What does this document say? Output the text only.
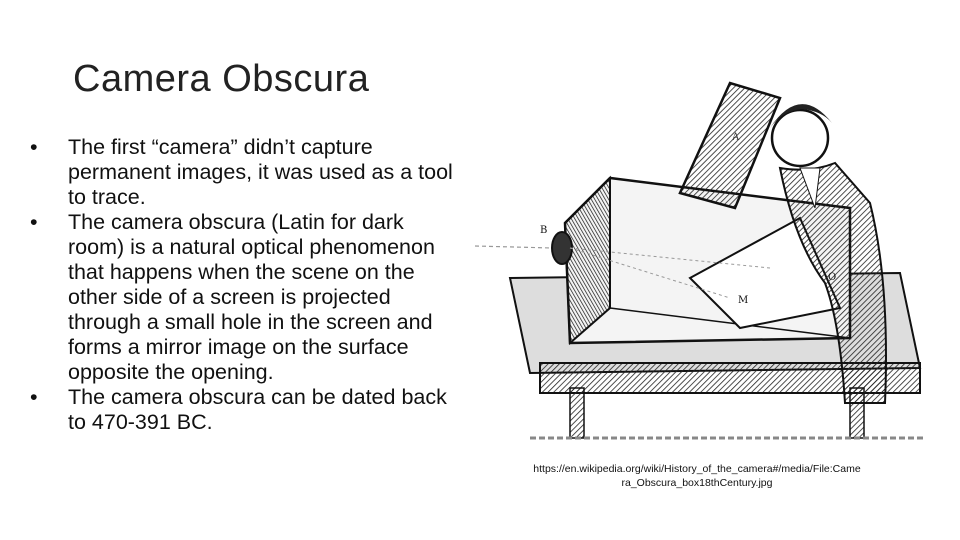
Camera Obscura
• The first “camera” didn’t capture permanent images, it was used as a tool to trace.
• The camera obscura (Latin for dark room) is a natural optical phenomenon that happens when the scene on the other side of a screen is projected through a small hole in the screen and forms a mirror image on the surface opposite the opening.
• The camera obscura can be dated back to 470-391 BC.
A
B
M
O
https://en.wikipedia.org/wiki/History_of_the_camera#/media/File:Camera_Obscura_box18thCentury.jpg
